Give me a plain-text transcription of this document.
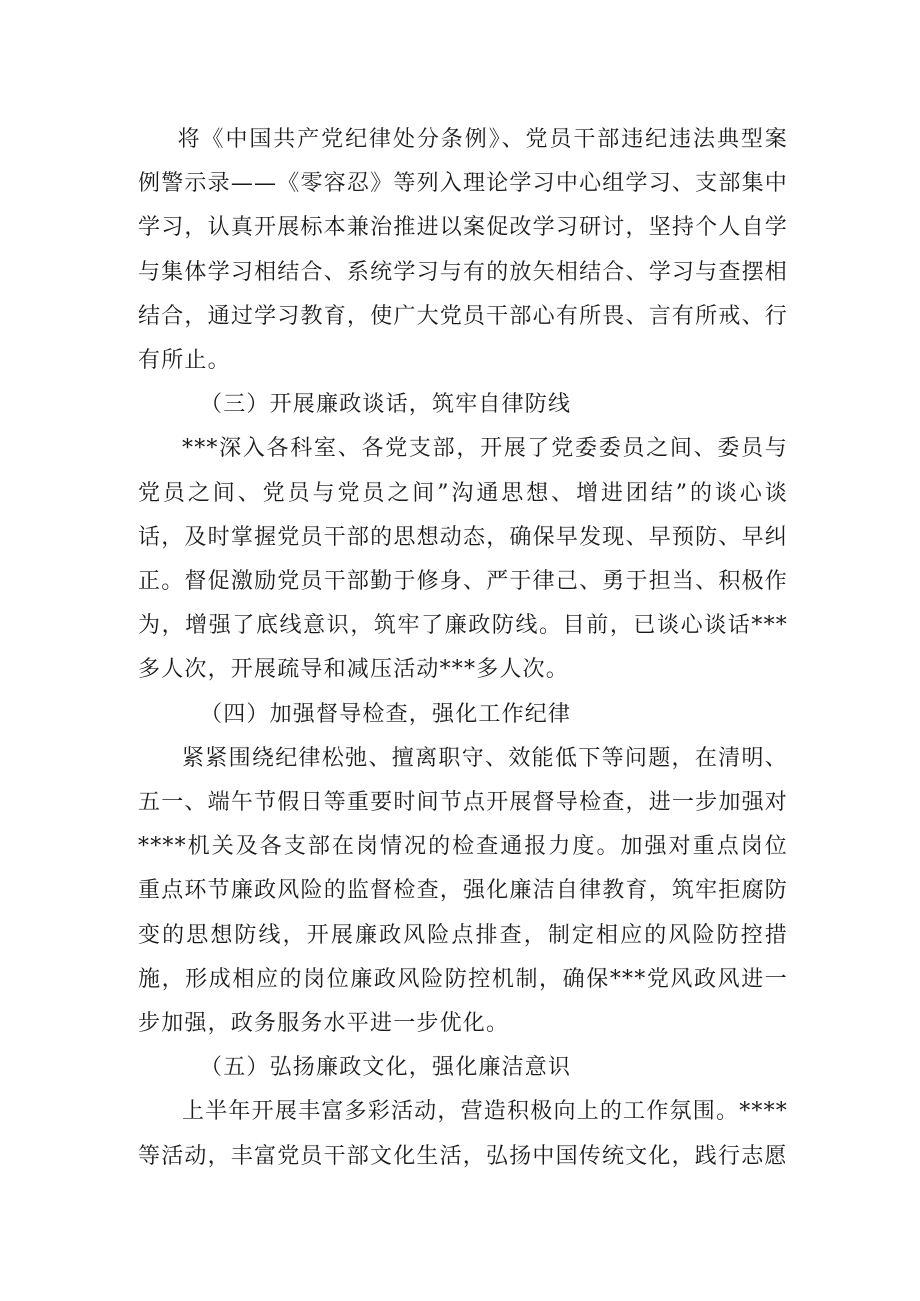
将《中国共产党纪律处分条例》、党员干部违纪违法典型案例警示录——《零容忍》等列入理论学习中心组学习、支部集中学习，认真开展标本兼治推进以案促改学习研讨，坚持个人自学与集体学习相结合、系统学习与有的放矢相结合、学习与查摆相结合，通过学习教育，使广大党员干部心有所畏、言有所戒、行有所止。

（三）开展廉政谈话，筑牢自律防线

***深入各科室、各党支部，开展了党委委员之间、委员与党员之间、党员与党员之间”沟通思想、增进团结”的谈心谈话，及时掌握党员干部的思想动态，确保早发现、早预防、早纠正。督促激励党员干部勤于修身、严于律己、勇于担当、积极作为，增强了底线意识，筑牢了廉政防线。目前，已谈心谈话***多人次，开展疏导和减压活动***多人次。

（四）加强督导检查，强化工作纪律

紧紧围绕纪律松弛、擅离职守、效能低下等问题，在清明、五一、端午节假日等重要时间节点开展督导检查，进一步加强对****机关及各支部在岗情况的检查通报力度。加强对重点岗位重点环节廉政风险的监督检查，强化廉洁自律教育，筑牢拒腐防变的思想防线，开展廉政风险点排查，制定相应的风险防控措施，形成相应的岗位廉政风险防控机制，确保***党风政风进一步加强，政务服务水平进一步优化。

（五）弘扬廉政文化，强化廉洁意识

上半年开展丰富多彩活动，营造积极向上的工作氛围。****等活动，丰富党员干部文化生活，弘扬中国传统文化，践行志愿
